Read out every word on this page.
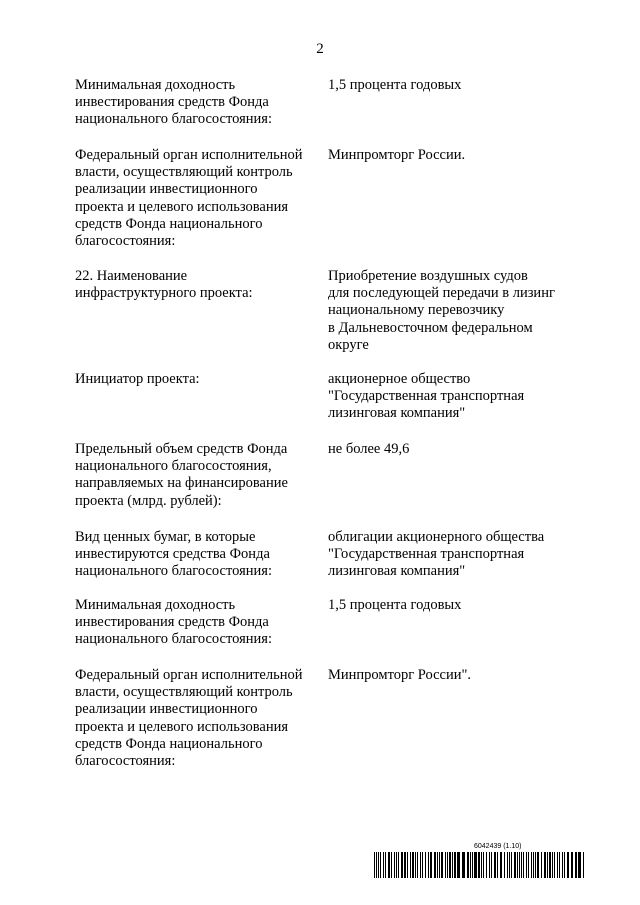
2
Минимальная доходность
инвестирования средств Фонда
национального благосостояния:
1,5 процента годовых
Федеральный орган исполнительной
власти, осуществляющий контроль
реализации инвестиционного
проекта и целевого использования
средств Фонда национального
благосостояния:
Минпромторг России.
22. Наименование
инфраструктурного проекта:
Приобретение воздушных судов
для последующей передачи в лизинг
национальному перевозчику
в Дальневосточном федеральном
округе
Инициатор проекта:	акционерное общество
"Государственная транспортная
лизинговая компания"
Предельный объем средств Фонда
национального благосостояния,
направляемых на финансирование
проекта (млрд. рублей):
не более 49,6
Вид ценных бумаг, в которые
инвестируются средства Фонда
национального благосостояния:
облигации акционерного общества
"Государственная транспортная
лизинговая компания"
Минимальная доходность
инвестирования средств Фонда
национального благосостояния:
1,5 процента годовых
Федеральный орган исполнительной
власти, осуществляющий контроль
реализации инвестиционного
проекта и целевого использования
средств Фонда национального
благосостояния:
Минпромторг России".
6042439 (1.10)
